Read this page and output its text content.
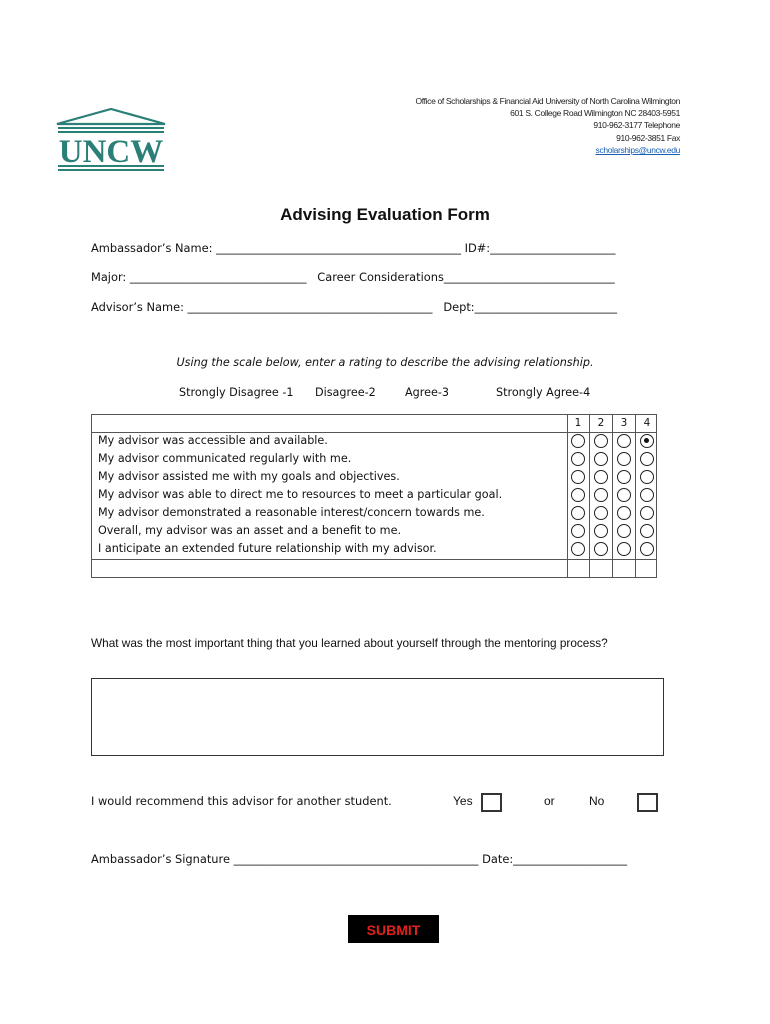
UNCW
Office of Scholarships & Financial Aid University of North Carolina Wilmington
601 S. College Road Wilmington NC 28403-5951
910-962-3177 Telephone
910-962-3851 Fax
scholarships@uncw.edu
Advising Evaluation Form
Ambassador’s Name: ___________________________________________ ID#:______________________
Major: _______________________________   Career Considerations______________________________
Advisor’s Name: ___________________________________________   Dept:_________________________
Using the scale below, enter a rating to describe the advising relationship.
Strongly Disagree -1 Disagree-2	Agree-3	Strongly Agree-4
1	2	3	4
My advisor was accessible and available.
My advisor communicated regularly with me.
My advisor assisted me with my goals and objectives.
My advisor was able to direct me to resources to meet a particular goal.
My advisor demonstrated a reasonable interest/concern towards me.
Overall, my advisor was an asset and a benefit to me.
I anticipate an extended future relationship with my advisor.
What was the most important thing that you learned about yourself through the mentoring process?
I would recommend this advisor for another student.	Yes	or	No
Ambassador’s Signature ___________________________________________ Date:____________________
SUBMIT
